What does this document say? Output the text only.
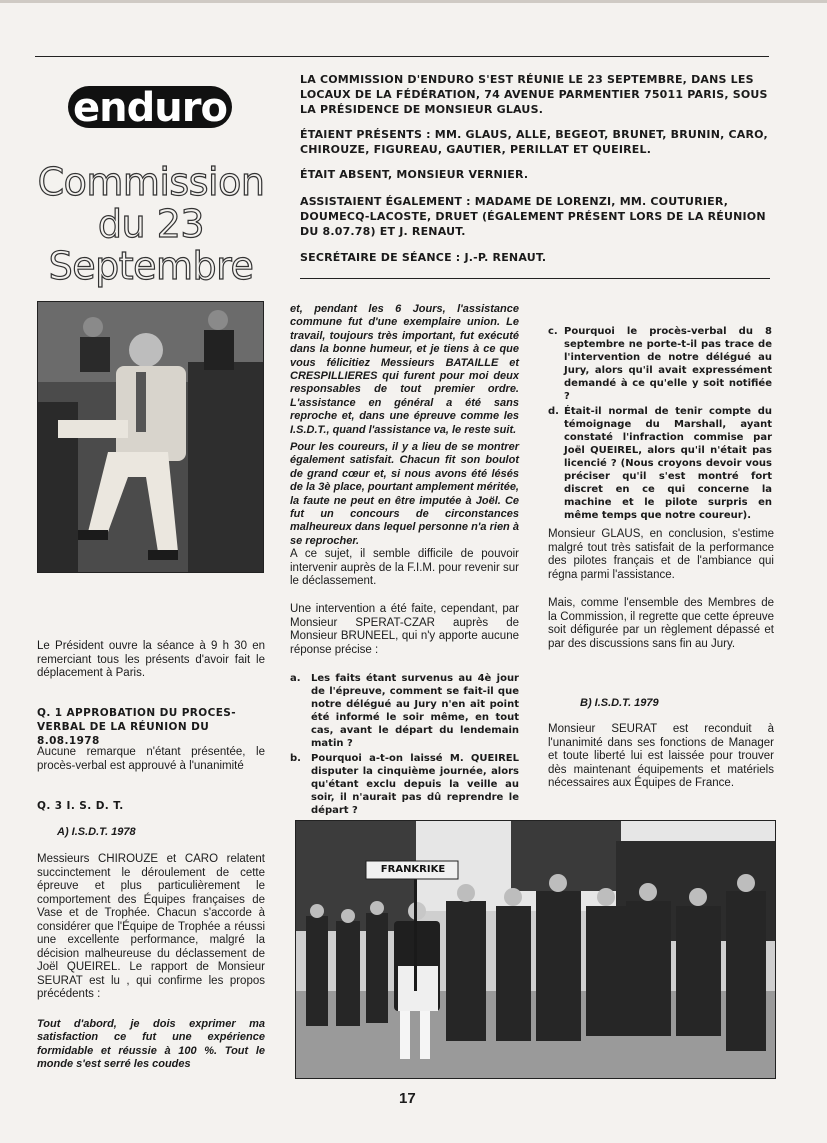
enduro
Commission
du 23
Septembre
LA COMMISSION D'ENDURO S'EST RÉUNIE LE 23 SEPTEMBRE, DANS LES LOCAUX DE LA FÉDÉRATION, 74 AVENUE PARMENTIER 75011 PARIS, SOUS LA PRÉSIDENCE DE MONSIEUR GLAUS.
ÉTAIENT PRÉSENTS : MM. GLAUS, ALLE, BEGEOT, BRUNET, BRUNIN, CARO, CHIROUZE, FIGUREAU, GAUTIER, PERILLAT ET QUEIREL.
ÉTAIT ABSENT, MONSIEUR VERNIER.
ASSISTAIENT ÉGALEMENT : MADAME DE LORENZI, MM. COUTURIER, DOUMECQ-LACOSTE, DRUET (ÉGALEMENT PRÉSENT LORS DE LA RÉUNION DU 8.07.78) ET J. RENAUT.
SECRÉTAIRE DE SÉANCE : J.-P. RENAUT.
Le Président ouvre la séance à 9 h 30 en remerciant tous les présents d'avoir fait le déplacement à Paris.
Q. 1 APPROBATION DU PROCES-VERBAL DE LA RÉUNION DU 8.08.1978
Aucune remarque n'étant présentée, le procès-verbal est approuvé à l'unanimité
Q. 3 I. S. D. T.
A) I.S.D.T. 1978
Messieurs CHIROUZE et CARO relatent succinctement le déroulement de cette épreuve et plus particulièrement le comportement des Équipes françaises de Vase et de Trophée. Chacun s'accorde à considérer que l'Équipe de Trophée a réussi une excellente performance, malgré la décision malheureuse du déclassement de Joël QUEIREL. Le rapport de Monsieur SEURAT est lu , qui confirme les propos précédents :
Tout d'abord, je dois exprimer ma satisfaction ce fut une expérience formidable et réussie à 100 %. Tout le monde s'est serré les coudes
et, pendant les 6 Jours, l'assistance commune fut d'une exemplaire union. Le travail, toujours très important, fut exécuté dans la bonne humeur, et je tiens à ce que vous félicitiez Messieurs BATAILLE et CRESPILLIERES qui furent pour moi deux responsables de tout premier ordre. L'assistance en général a été sans reproche et, dans une épreuve comme les I.S.D.T., quand l'assistance va, le reste suit.
Pour les coureurs, il y a lieu de se montrer également satisfait. Chacun fit son boulot de grand cœur et, si nous avons été lésés de la 3è place, pourtant amplement méritée, la faute ne peut en être imputée à Joël. Ce fut un concours de circonstances malheureux dans lequel personne n'a rien à se reprocher.
A ce sujet, il semble difficile de pouvoir intervenir auprès de la F.I.M. pour revenir sur le déclassement.
Une intervention a été faite, cependant, par Monsieur SPERAT-CZAR auprès de Monsieur BRUNEEL, qui n'y apporte aucune réponse précise :
a. Les faits étant survenus au 4è jour de l'épreuve, comment se fait-il que notre délégué au Jury n'en ait point été informé le soir même, en tout cas, avant le départ du lendemain matin ?
b. Pourquoi a-t-on laissé M. QUEIREL disputer la cinquième journée, alors qu'étant exclu depuis la veille au soir, il n'aurait pas dû reprendre le départ ?
c. Pourquoi le procès-verbal du 8 septembre ne porte-t-il pas trace de l'intervention de notre délégué au Jury, alors qu'il avait expressément demandé à ce qu'elle y soit notifiée ?
d. Était-il normal de tenir compte du témoignage du Marshall, ayant constaté l'infraction commise par Joël QUEIREL, alors qu'il n'était pas licencié ? (Nous croyons devoir vous préciser qu'il s'est montré fort discret en ce qui concerne la machine et le pilote surpris en même temps que notre coureur).
Monsieur GLAUS, en conclusion, s'estime malgré tout très satisfait de la performance des pilotes français et de l'ambiance qui régna parmi l'assistance.
Mais, comme l'ensemble des Membres de la Commission, il regrette que cette épreuve soit défigurée par un règlement dépassé et par des discussions sans fin au Jury.
B) I.S.D.T. 1979
Monsieur SEURAT est reconduit à l'unanimité dans ses fonctions de Manager et toute liberté lui est laissée pour trouver dès maintenant équipements et matériels nécessaires aux Équipes de France.
FRANKRIKE
17
